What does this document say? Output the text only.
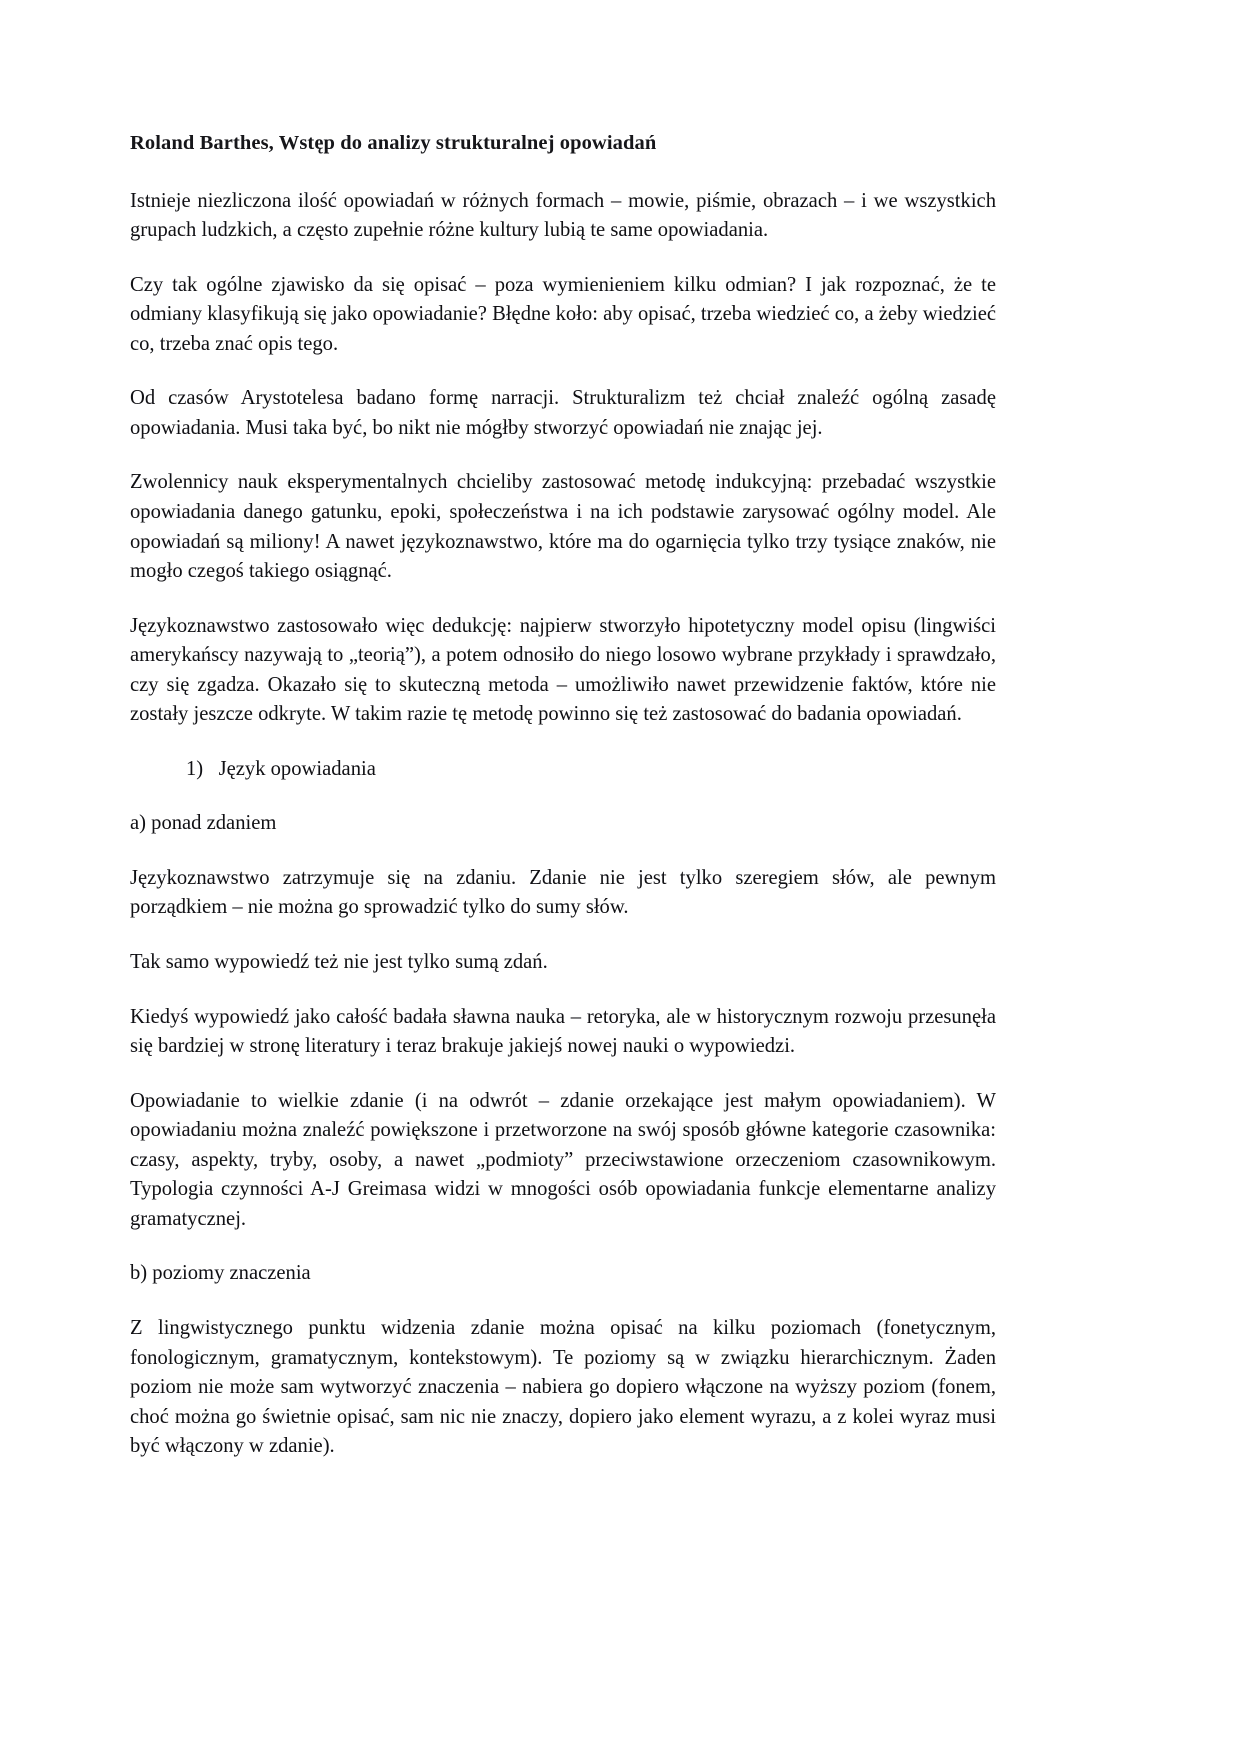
Roland Barthes, Wstęp do analizy strukturalnej opowiadań

Istnieje niezliczona ilość opowiadań w różnych formach – mowie, piśmie, obrazach – i we wszystkich grupach ludzkich, a często zupełnie różne kultury lubią te same opowiadania.

Czy tak ogólne zjawisko da się opisać – poza wymienieniem kilku odmian? I jak rozpoznać, że te odmiany klasyfikują się jako opowiadanie? Błędne koło: aby opisać, trzeba wiedzieć co, a żeby wiedzieć co, trzeba znać opis tego.

Od czasów Arystotelesa badano formę narracji. Strukturalizm też chciał znaleźć ogólną zasadę opowiadania. Musi taka być, bo nikt nie mógłby stworzyć opowiadań nie znając jej.

Zwolennicy nauk eksperymentalnych chcieliby zastosować metodę indukcyjną: przebadać wszystkie opowiadania danego gatunku, epoki, społeczeństwa i na ich podstawie zarysować ogólny model. Ale opowiadań są miliony! A nawet językoznawstwo, które ma do ogarnięcia tylko trzy tysiące znaków, nie mogło czegoś takiego osiągnąć.

Językoznawstwo zastosowało więc dedukcję: najpierw stworzyło hipotetyczny model opisu (lingwiści amerykańscy nazywają to „teorią”), a potem odnosiło do niego losowo wybrane przykłady i sprawdzało, czy się zgadza. Okazało się to skuteczną metoda – umożliwiło nawet przewidzenie faktów, które nie zostały jeszcze odkryte. W takim razie tę metodę powinno się też zastosować do badania opowiadań.

1)   Język opowiadania

a) ponad zdaniem

Językoznawstwo zatrzymuje się na zdaniu. Zdanie nie jest tylko szeregiem słów, ale pewnym porządkiem – nie można go sprowadzić tylko do sumy słów.

Tak samo wypowiedź też nie jest tylko sumą zdań.

Kiedyś wypowiedź jako całość badała sławna nauka – retoryka, ale w historycznym rozwoju przesunęła się bardziej w stronę literatury i teraz brakuje jakiejś nowej nauki o wypowiedzi.

Opowiadanie to wielkie zdanie (i na odwrót – zdanie orzekające jest małym opowiadaniem). W opowiadaniu można znaleźć powiększone i przetworzone na swój sposób główne kategorie czasownika: czasy, aspekty, tryby, osoby, a nawet „podmioty” przeciwstawione orzeczeniom czasownikowym. Typologia czynności A-J Greimasa widzi w mnogości osób opowiadania funkcje elementarne analizy gramatycznej.

b) poziomy znaczenia

Z lingwistycznego punktu widzenia zdanie można opisać na kilku poziomach (fonetycznym, fonologicznym, gramatycznym, kontekstowym). Te poziomy są w związku hierarchicznym. Żaden poziom nie może sam wytworzyć znaczenia – nabiera go dopiero włączone na wyższy poziom (fonem, choć można go świetnie opisać, sam nic nie znaczy, dopiero jako element wyrazu, a z kolei wyraz musi być włączony w zdanie).
